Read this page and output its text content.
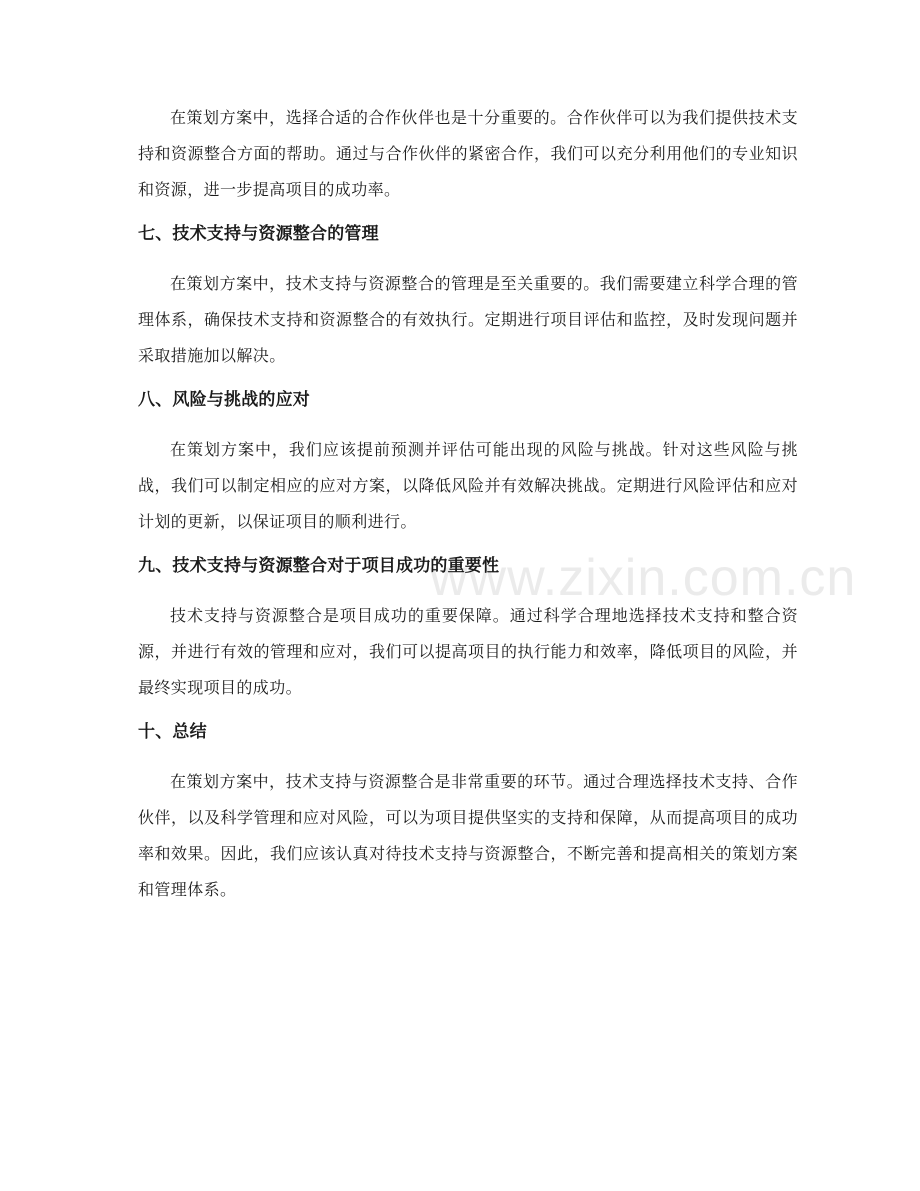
www.zixin.com.cn

在策划方案中，选择合适的合作伙伴也是十分重要的。合作伙伴可以为我们提供技术支持和资源整合方面的帮助。通过与合作伙伴的紧密合作，我们可以充分利用他们的专业知识和资源，进一步提高项目的成功率。

七、技术支持与资源整合的管理

在策划方案中，技术支持与资源整合的管理是至关重要的。我们需要建立科学合理的管理体系，确保技术支持和资源整合的有效执行。定期进行项目评估和监控，及时发现问题并采取措施加以解决。

八、风险与挑战的应对

在策划方案中，我们应该提前预测并评估可能出现的风险与挑战。针对这些风险与挑战，我们可以制定相应的应对方案，以降低风险并有效解决挑战。定期进行风险评估和应对计划的更新，以保证项目的顺利进行。

九、技术支持与资源整合对于项目成功的重要性

技术支持与资源整合是项目成功的重要保障。通过科学合理地选择技术支持和整合资源，并进行有效的管理和应对，我们可以提高项目的执行能力和效率，降低项目的风险，并最终实现项目的成功。

十、总结

在策划方案中，技术支持与资源整合是非常重要的环节。通过合理选择技术支持、合作伙伴，以及科学管理和应对风险，可以为项目提供坚实的支持和保障，从而提高项目的成功率和效果。因此，我们应该认真对待技术支持与资源整合，不断完善和提高相关的策划方案和管理体系。
